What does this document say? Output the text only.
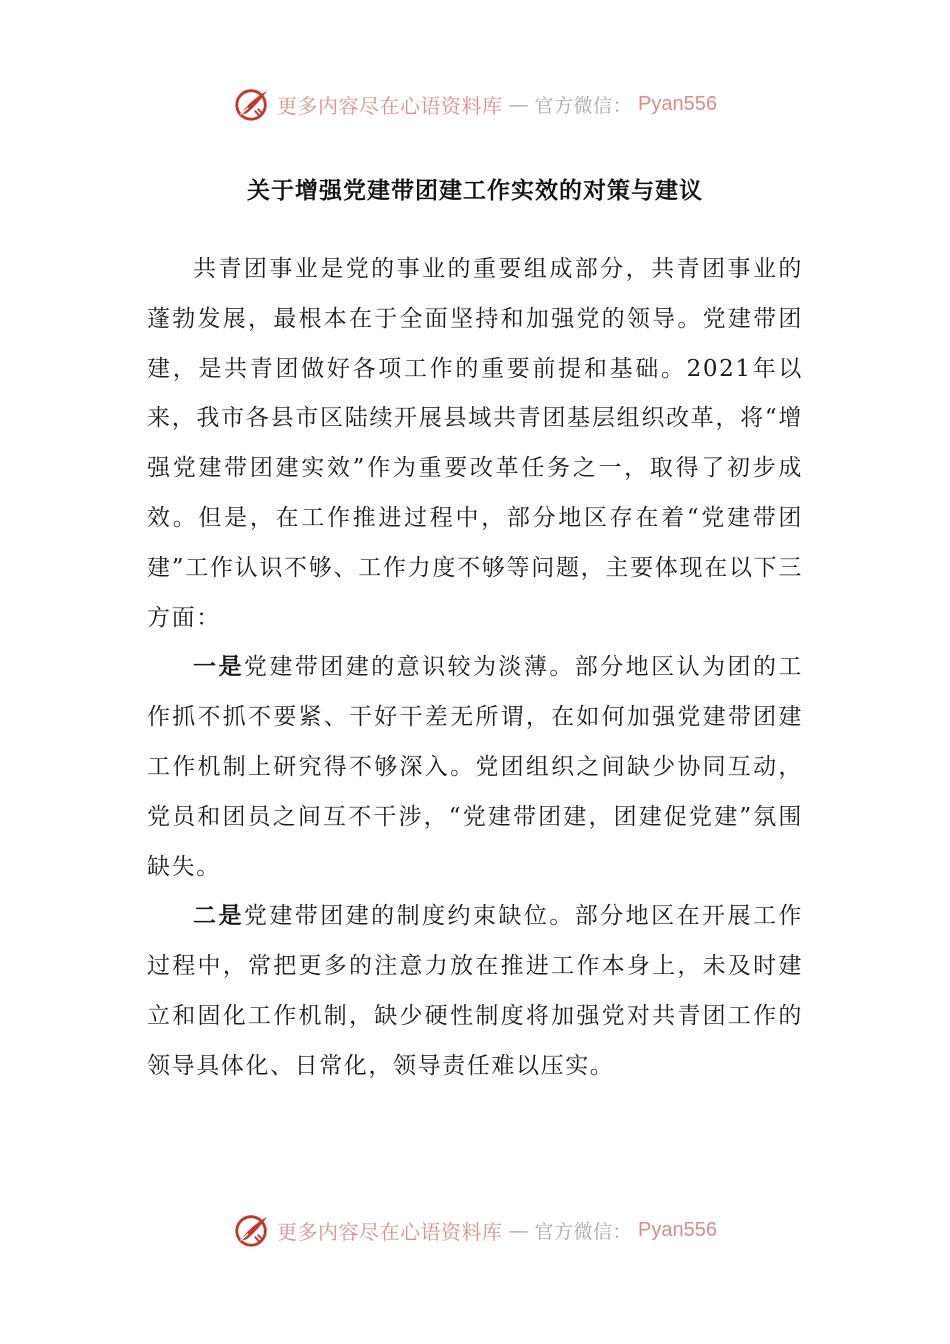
更多内容尽在心语资料库 — 官方微信： Pyan556
关于增强党建带团建工作实效的对策与建议

共青团事业是党的事业的重要组成部分，共青团事业的蓬勃发展，最根本在于全面坚持和加强党的领导。党建带团建，是共青团做好各项工作的重要前提和基础。2021年以来，我市各县市区陆续开展县域共青团基层组织改革，将“增强党建带团建实效”作为重要改革任务之一，取得了初步成效。但是，在工作推进过程中，部分地区存在着“党建带团建”工作认识不够、工作力度不够等问题，主要体现在以下三方面：

一是党建带团建的意识较为淡薄。部分地区认为团的工作抓不抓不要紧、干好干差无所谓，在如何加强党建带团建工作机制上研究得不够深入。党团组织之间缺少协同互动，党员和团员之间互不干涉，“党建带团建，团建促党建”氛围缺失。

二是党建带团建的制度约束缺位。部分地区在开展工作过程中，常把更多的注意力放在推进工作本身上，未及时建立和固化工作机制，缺少硬性制度将加强党对共青团工作的领导具体化、日常化，领导责任难以压实。

更多内容尽在心语资料库 — 官方微信： Pyan556
